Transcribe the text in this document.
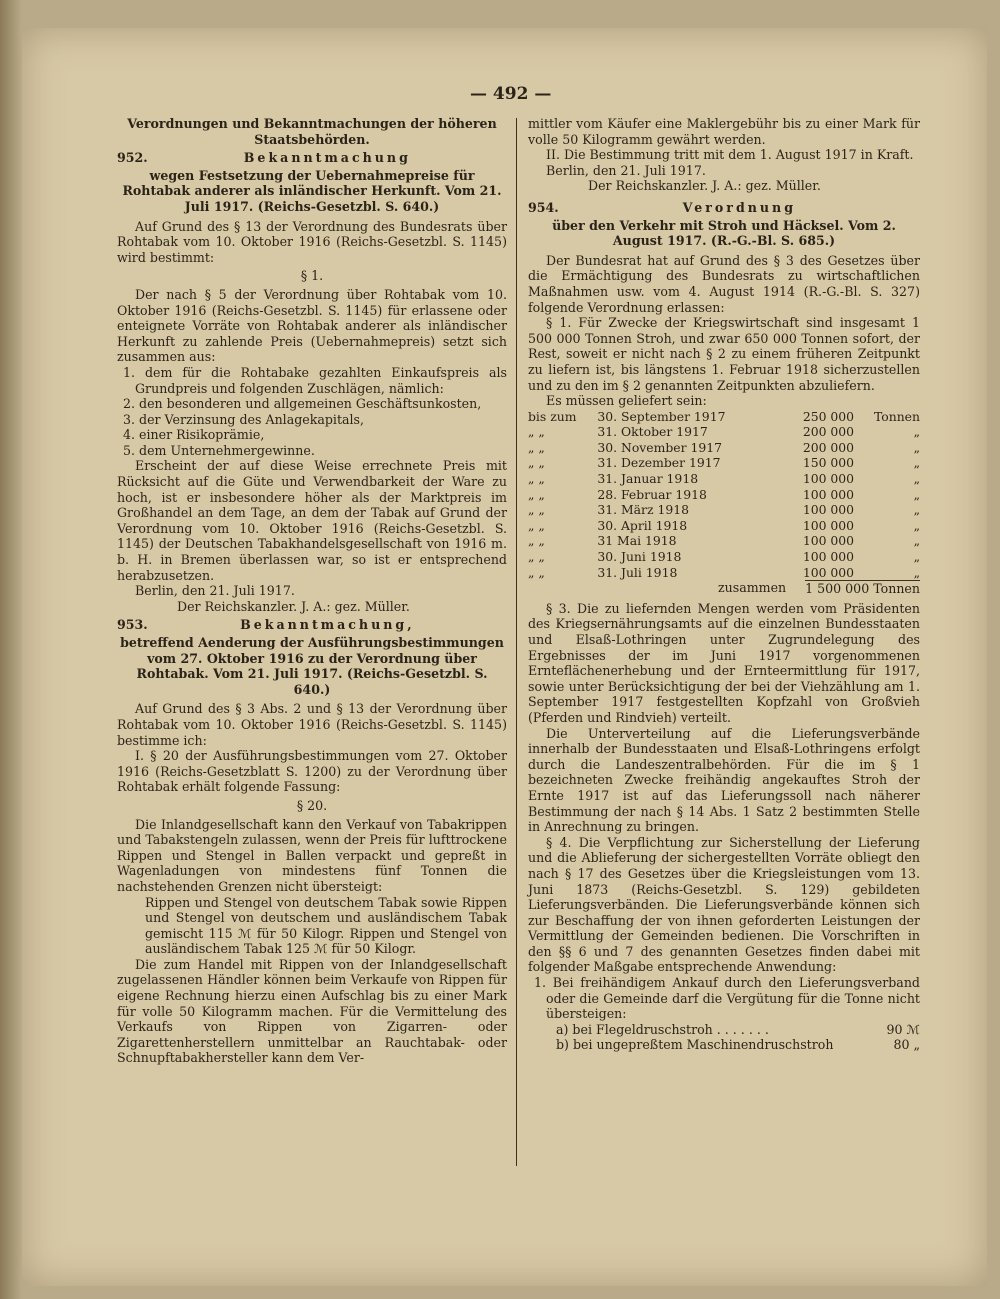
— 492 —

Verordnungen und Bekanntmachungen der höheren Staatsbehörden.

952.	Bekanntmachung

wegen Festsetzung der Uebernahmepreise für Rohtabak anderer als inländischer Herkunft. Vom 21. Juli 1917. (Reichs-Gesetzbl. S. 640.)

Auf Grund des § 13 der Verordnung des Bundesrats über Rohtabak vom 10. Oktober 1916 (Reichs-Gesetzbl. S. 1145) wird bestimmt:

§ 1.

Der nach § 5 der Verordnung über Rohtabak vom 10. Oktober 1916 (Reichs-Gesetzbl. S. 1145) für erlassene oder enteignete Vorräte von Rohtabak anderer als inländischer Herkunft zu zahlende Preis (Uebernahmepreis) setzt sich zusammen aus:

1. dem für die Rohtabake gezahlten Einkaufspreis als Grundpreis und folgenden Zuschlägen, nämlich:

2. den besonderen und allgemeinen Geschäftsunkosten,

3. der Verzinsung des Anlagekapitals,

4. einer Risikoprämie,

5. dem Unternehmergewinne.

Erscheint der auf diese Weise errechnete Preis mit Rücksicht auf die Güte und Verwendbarkeit der Ware zu hoch, ist er insbesondere höher als der Marktpreis im Großhandel an dem Tage, an dem der Tabak auf Grund der Verordnung vom 10. Oktober 1916 (Reichs-Gesetzbl. S. 1145) der Deutschen Tabakhandelsgesellschaft von 1916 m. b. H. in Bremen überlassen war, so ist er entsprechend herabzusetzen.

Berlin, den 21. Juli 1917.

Der Reichskanzler. J. A.: gez. Müller.

953.	Bekanntmachung,

betreffend Aenderung der Ausführungsbestimmungen vom 27. Oktober 1916 zu der Verordnung über Rohtabak. Vom 21. Juli 1917. (Reichs-Gesetzbl. S. 640.)

Auf Grund des § 3 Abs. 2 und § 13 der Verordnung über Rohtabak vom 10. Oktober 1916 (Reichs-Gesetzbl. S. 1145) bestimme ich:

I. § 20 der Ausführungsbestimmungen vom 27. Oktober 1916 (Reichs-Gesetzblatt S. 1200) zu der Verordnung über Rohtabak erhält folgende Fassung:

§ 20.

Die Inlandgesellschaft kann den Verkauf von Tabakrippen und Tabakstengeln zulassen, wenn der Preis für lufttrockene Rippen und Stengel in Ballen verpackt und gepreßt in Wagenladungen von mindestens fünf Tonnen die nachstehenden Grenzen nicht übersteigt:

Rippen und Stengel von deutschem Tabak sowie Rippen und Stengel von deutschem und ausländischem Tabak gemischt 115 ℳ für 50 Kilogr. Rippen und Stengel von ausländischem Tabak 125 ℳ für 50 Kilogr.

Die zum Handel mit Rippen von der Inlandgesellschaft zugelassenen Händler können beim Verkaufe von Rippen für eigene Rechnung hierzu einen Aufschlag bis zu einer Mark für volle 50 Kilogramm machen. Für die Vermittelung des Verkaufs von Rippen von Zigarren- oder Zigarettenherstellern unmittelbar an Rauchtabak- oder Schnupftabakhersteller kann dem Ver-

mittler vom Käufer eine Maklergebühr bis zu einer Mark für volle 50 Kilogramm gewährt werden.

II. Die Bestimmung tritt mit dem 1. August 1917 in Kraft.

Berlin, den 21. Juli 1917.

Der Reichskanzler. J. A.: gez. Müller.

954.	Verordnung

über den Verkehr mit Stroh und Häcksel. Vom 2. August 1917. (R.-G.-Bl. S. 685.)

Der Bundesrat hat auf Grund des § 3 des Gesetzes über die Ermächtigung des Bundesrats zu wirtschaftlichen Maßnahmen usw. vom 4. August 1914 (R.-G.-Bl. S. 327) folgende Verordnung erlassen:

§ 1. Für Zwecke der Kriegswirtschaft sind insgesamt 1 500 000 Tonnen Stroh, und zwar 650 000 Tonnen sofort, der Rest, soweit er nicht nach § 2 zu einem früheren Zeitpunkt zu liefern ist, bis längstens 1. Februar 1918 sicherzustellen und zu den im § 2 genannten Zeitpunkten abzuliefern.

Es müssen geliefert sein:

bis zum	30. September 1917	250 000	Tonnen
„ „	31. Oktober 1917	200 000	„
„ „	30. November 1917	200 000	„
„ „	31. Dezember 1917	150 000	„
„ „	31. Januar 1918	100 000	„
„ „	28. Februar 1918	100 000	„
„ „	31. März 1918	100 000	„
„ „	30. April 1918	100 000	„
„ „	31 Mai 1918	100 000	„
„ „	30. Juni 1918	100 000	„
„ „	31. Juli 1918	100 000	„
zusammen 1 500 000 Tonnen

§ 3. Die zu liefernden Mengen werden vom Präsidenten des Kriegsernährungsamts auf die einzelnen Bundesstaaten und Elsaß-Lothringen unter Zugrundelegung des Ergebnisses der im Juni 1917 vorgenommenen Ernteflächenerhebung und der Ernteermittlung für 1917, sowie unter Berücksichtigung der bei der Viehzählung am 1. September 1917 festgestellten Kopfzahl von Großvieh (Pferden und Rindvieh) verteilt.

Die Unterverteilung auf die Lieferungsverbände innerhalb der Bundesstaaten und Elsaß-Lothringens erfolgt durch die Landeszentralbehörden. Für die im § 1 bezeichneten Zwecke freihändig angekauftes Stroh der Ernte 1917 ist auf das Lieferungssoll nach näherer Bestimmung der nach § 14 Abs. 1 Satz 2 bestimmten Stelle in Anrechnung zu bringen.

§ 4. Die Verpflichtung zur Sicherstellung der Lieferung und die Ablieferung der sichergestellten Vorräte obliegt den nach § 17 des Gesetzes über die Kriegsleistungen vom 13. Juni 1873 (Reichs-Gesetzbl. S. 129) gebildeten Lieferungsverbänden. Die Lieferungsverbände können sich zur Beschaffung der von ihnen geforderten Leistungen der Vermittlung der Gemeinden bedienen. Die Vorschriften in den §§ 6 und 7 des genannten Gesetzes finden dabei mit folgender Maßgabe entsprechende Anwendung:

1. Bei freihändigem Ankauf durch den Lieferungsverband oder die Gemeinde darf die Vergütung für die Tonne nicht übersteigen:

a) bei Flegeldruschstroh . . . . . . .	90 ℳ
b) bei ungepreßtem Maschinendruschstroh	80 „
